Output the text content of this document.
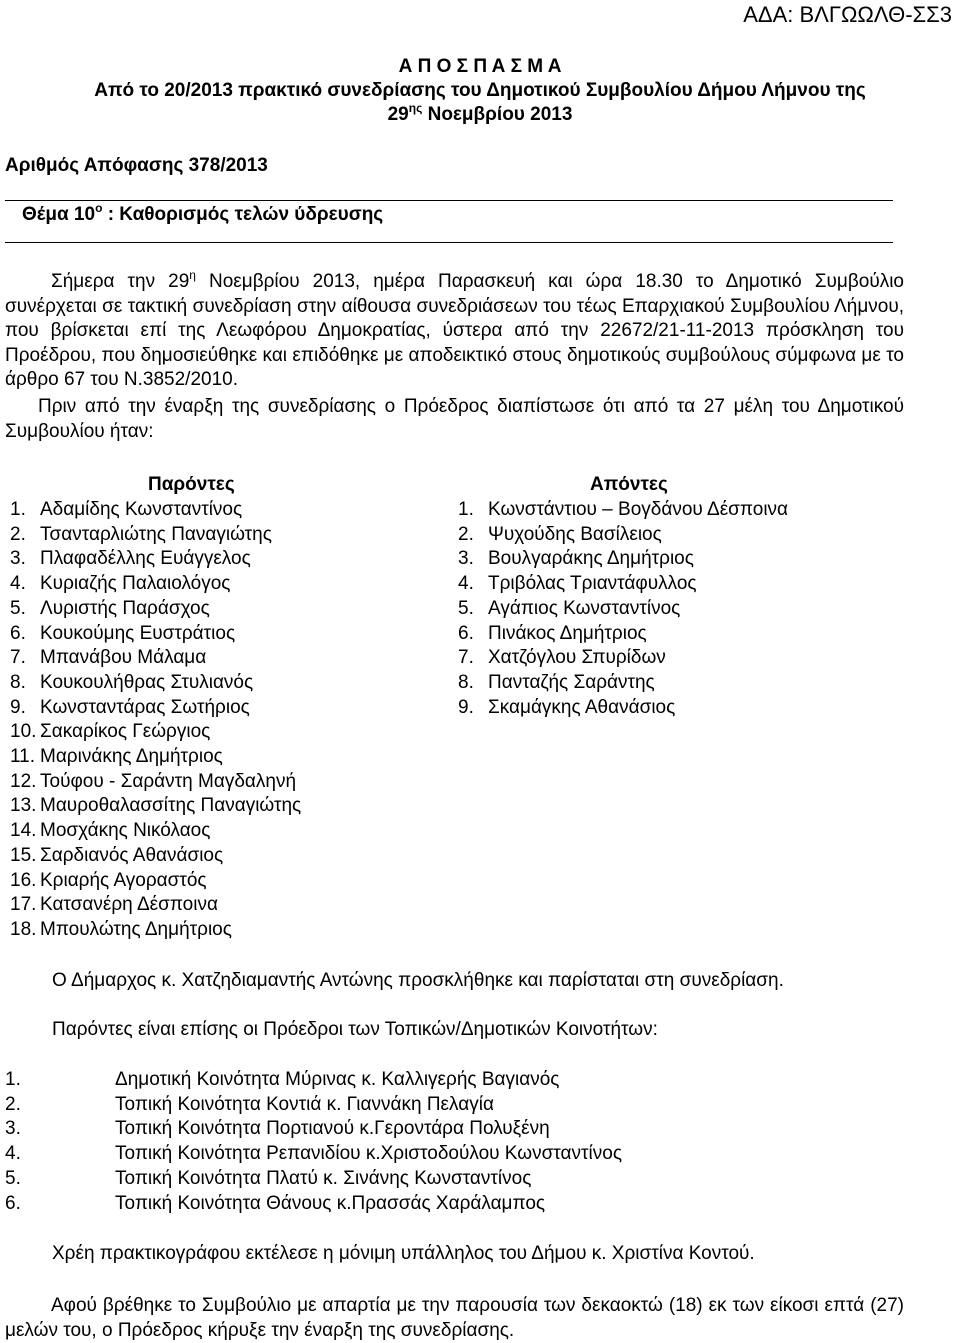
ΑΔΑ: ΒΛΓΩΩΛΘ-ΣΣ3
Α Π Ο Σ Π Α Σ Μ Α
Από το 20/2013 πρακτικό συνεδρίασης του Δημοτικού Συμβουλίου Δήμου Λήμνου της
$29^{\eta\varsigma}$ Νοεμβρίου 2013
Αριθμός Απόφασης 378/2013
Θέμα $10^o$ : Καθορισμός τελών ύδρευσης
Σήμερα την $29^\eta$ Νοεμβρίου 2013, ημέρα Παρασκευή και ώρα 18.30 το Δημοτικό Συμβούλιο συνέρχεται σε τακτική συνεδρίαση στην αίθουσα συνεδριάσεων του τέως Επαρχιακού Συμβουλίου Λήμνου, που βρίσκεται επί της Λεωφόρου Δημοκρατίας, ύστερα από την 22672/21-11-2013 πρόσκληση του Προέδρου, που δημοσιεύθηκε και επιδόθηκε με αποδεικτικό στους δημοτικούς συμβούλους σύμφωνα με το άρθρο 67 του Ν.3852/2010.
Πριν από την έναρξη της συνεδρίασης ο Πρόεδρος διαπίστωσε ότι από τα 27 μέλη του Δημοτικού Συμβουλίου ήταν:
Παρόντες
1. Αδαμίδης Κωνσταντίνος
2. Τσανταρλιώτης Παναγιώτης
3. Πλαφαδέλλης Ευάγγελος
4. Κυριαζής Παλαιολόγος
5. Λυριστής Παράσχος
6. Κουκούμης Ευστράτιος
7. Μπανάβου Μάλαμα
8. Κουκουλήθρας Στυλιανός
9. Κωνσταντάρας Σωτήριος
10. Σακαρίκος Γεώργιος
11. Μαρινάκης Δημήτριος
12. Τούφου - Σαράντη Μαγδαληνή
13. Μαυροθαλασσίτης Παναγιώτης
14. Μοσχάκης Νικόλαος
15. Σαρδιανός Αθανάσιος
16. Κριαρής Αγοραστός
17. Κατσανέρη Δέσποινα
18. Μπουλώτης Δημήτριος
Απόντες
1. Κωνστάντιου – Βογδάνου Δέσποινα
2. Ψυχούδης Βασίλειος
3. Βουλγαράκης Δημήτριος
4. Τριβόλας Τριαντάφυλλος
5. Αγάπιος Κωνσταντίνος
6. Πινάκος Δημήτριος
7. Χατζόγλου Σπυρίδων
8. Πανταζής Σαράντης
9. Σκαμάγκης Αθανάσιος
Ο Δήμαρχος κ. Χατζηδιαμαντής Αντώνης προσκλήθηκε και παρίσταται στη συνεδρίαση.
Παρόντες είναι επίσης οι Πρόεδροι των Τοπικών/Δημοτικών Κοινοτήτων:
1.	Δημοτική Κοινότητα Μύρινας κ. Καλλιγερής Βαγιανός
2.	Τοπική Κοινότητα Κοντιά κ. Γιαννάκη Πελαγία
3.	Τοπική Κοινότητα Πορτιανού κ.Γεροντάρα Πολυξένη
4.	Τοπική Κοινότητα Ρεπανιδίου κ.Χριστοδούλου Κωνσταντίνος
5.	Τοπική Κοινότητα Πλατύ κ. Σινάνης Κωνσταντίνος
6.	Τοπική Κοινότητα Θάνους κ.Πρασσάς Χαράλαμπος
Χρέη πρακτικογράφου εκτέλεσε η μόνιμη υπάλληλος του Δήμου κ. Χριστίνα Κοντού.
Αφού βρέθηκε το Συμβούλιο με απαρτία με την παρουσία των δεκαοκτώ (18) εκ των είκοσι επτά (27) μελών του, ο Πρόεδρος κήρυξε την έναρξη της συνεδρίασης.
